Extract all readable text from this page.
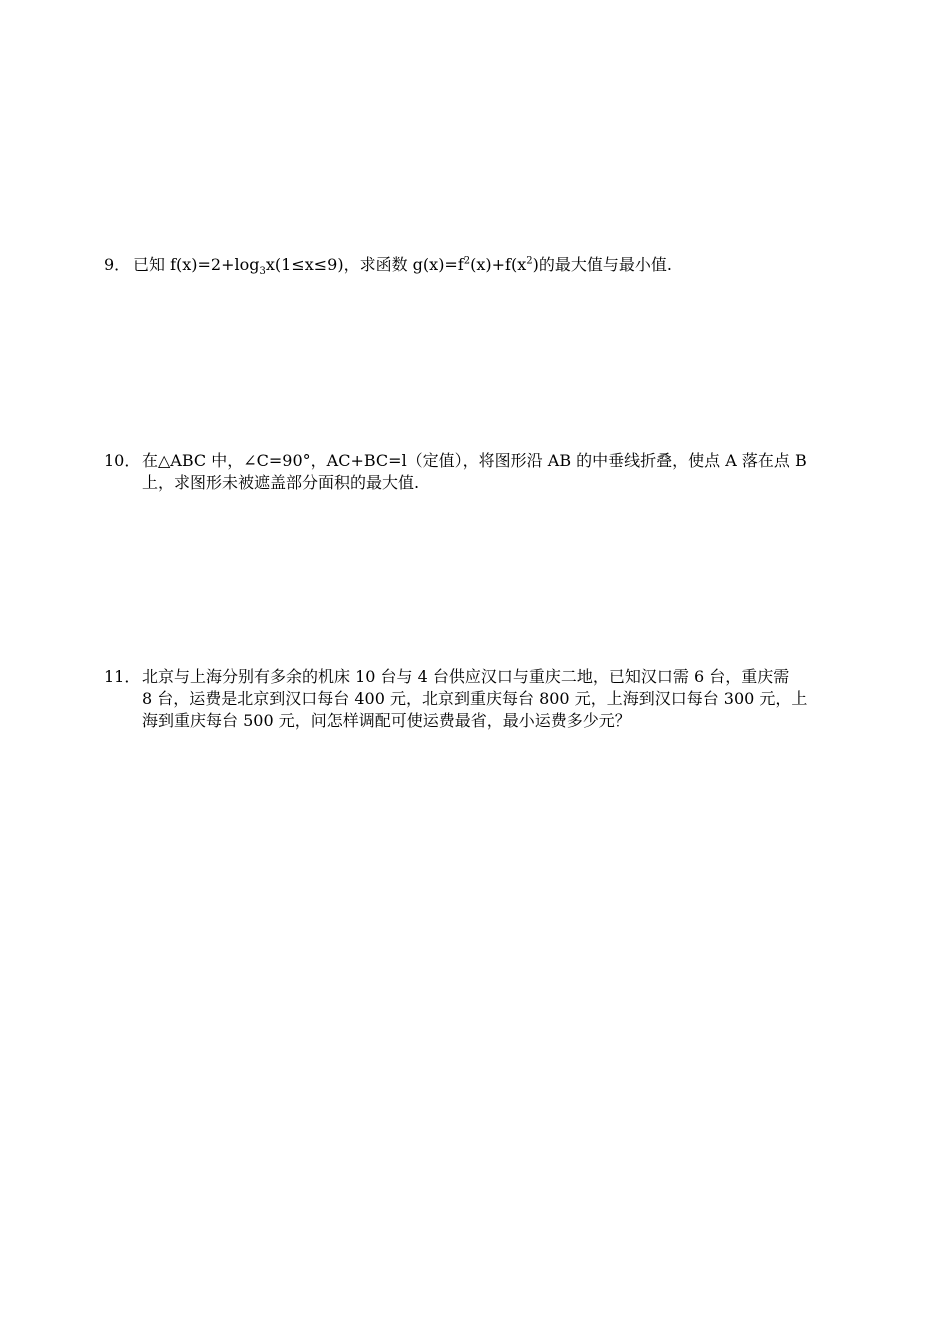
9． 已知 $f(x)=2+\log_3x(1\le x\le 9)$，求函数 $g(x)=f^2(x)+f(x^2)$的最大值与最小值.
10． 在△ABC 中，∠C=90°，AC+BC=l（定值），将图形沿 AB 的中垂线折叠，使点 A 落在点 B
上，求图形未被遮盖部分面积的最大值.
11． 北京与上海分别有多余的机床 10 台与 4 台供应汉口与重庆二地，已知汉口需 6 台，重庆需
8 台，运费是北京到汉口每台 400 元，北京到重庆每台 800 元，上海到汉口每台 300 元，上
海到重庆每台 500 元，问怎样调配可使运费最省，最小运费多少元？
